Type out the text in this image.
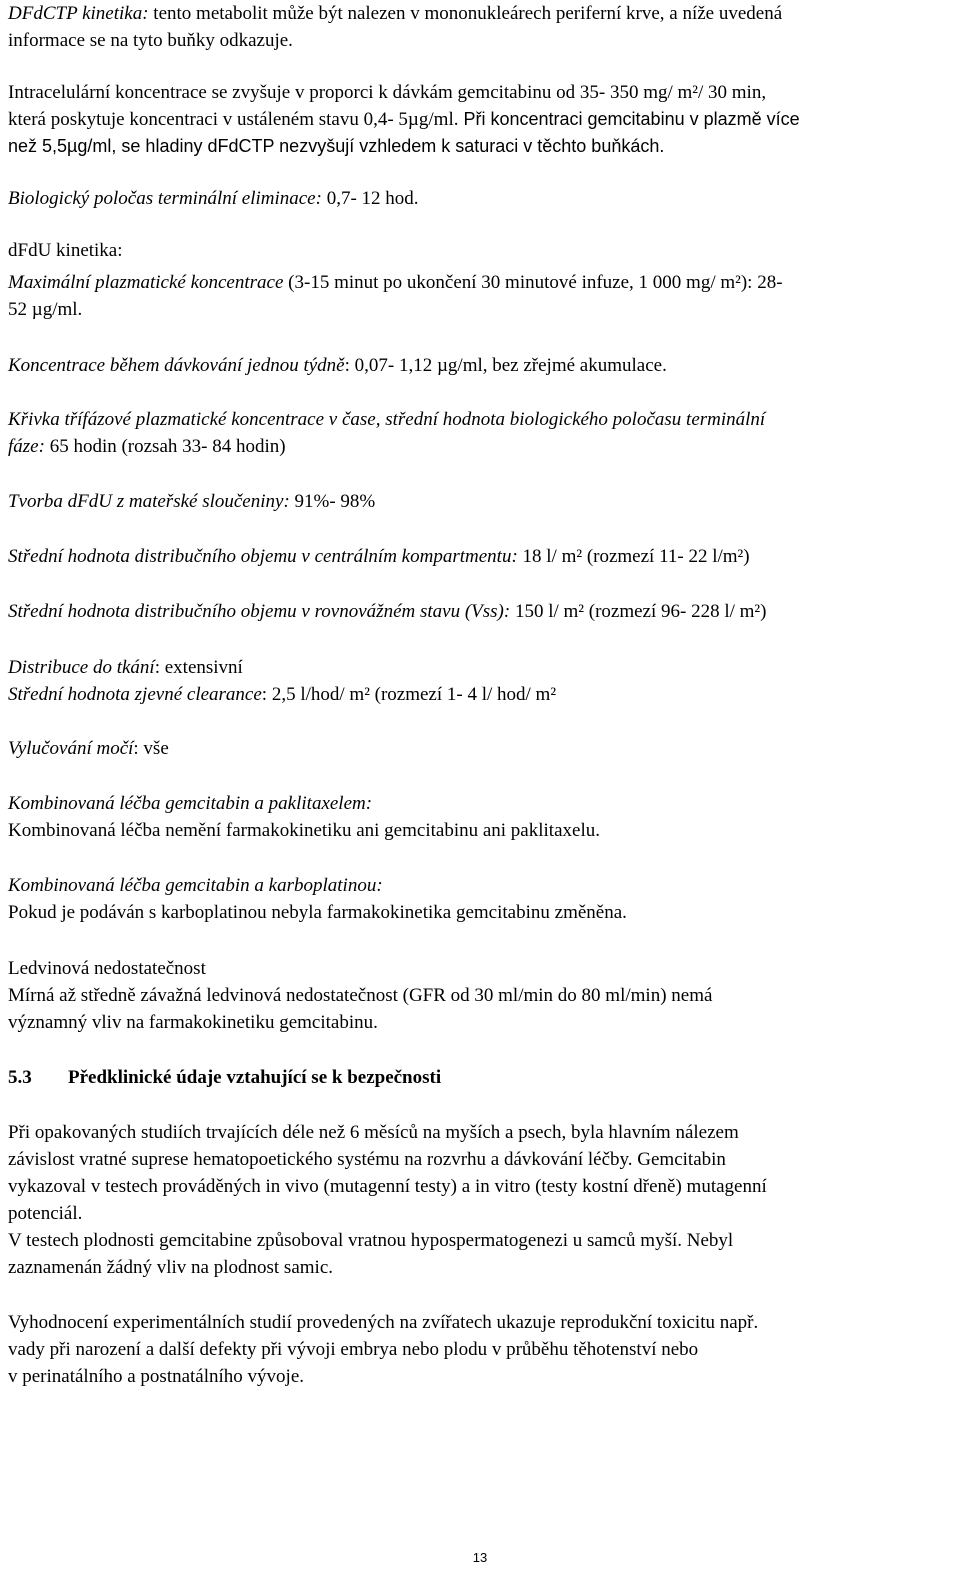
DFdCTP kinetika: tento metabolit může být nalezen v mononukleárech periferní krve, a níže uvedená

informace se na tyto buňky odkazuje.

Intracelulární koncentrace se zvyšuje v proporci k dávkám gemcitabinu od 35- 350 mg/ m²/ 30 min,

která poskytuje koncentraci v ustáleném stavu 0,4- 5µg/ml. Při koncentraci gemcitabinu v plazmě více

než 5,5µg/ml, se hladiny dFdCTP nezvyšují vzhledem k saturaci v těchto buňkách.

Biologický poločas terminální eliminace: 0,7- 12 hod.

dFdU kinetika:

Maximální plazmatické koncentrace (3-15 minut po ukončení 30 minutové infuze, 1 000 mg/ m²): 28-

52 µg/ml.

Koncentrace během dávkování jednou týdně: 0,07- 1,12 µg/ml, bez zřejmé akumulace.

Křivka třífázové plazmatické koncentrace v čase, střední hodnota biologického poločasu terminální

fáze: 65 hodin (rozsah 33- 84 hodin)

Tvorba dFdU z mateřské sloučeniny: 91%- 98%

Střední hodnota distribučního objemu v centrálním kompartmentu: 18 l/ m² (rozmezí 11- 22 l/m²)

Střední hodnota distribučního objemu v rovnovážném stavu (Vss): 150 l/ m² (rozmezí 96- 228 l/ m²)

Distribuce do tkání: extensivní

Střední hodnota zjevné clearance: 2,5 l/hod/ m² (rozmezí 1- 4 l/ hod/ m²

Vylučování močí: vše

Kombinovaná léčba gemcitabin a paklitaxelem:

Kombinovaná léčba nemění farmakokinetiku ani gemcitabinu ani paklitaxelu.

Kombinovaná léčba gemcitabin a karboplatinou:

Pokud je podáván s karboplatinou nebyla farmakokinetika gemcitabinu změněna.

Ledvinová nedostatečnost

Mírná až středně závažná ledvinová nedostatečnost (GFR od 30 ml/min do 80 ml/min) nemá

významný vliv na farmakokinetiku gemcitabinu.

5.3 Předklinické údaje vztahující se k bezpečnosti

Při opakovaných studiích trvajících déle než 6 měsíců na myších a psech, byla hlavním nálezem

závislost vratné suprese hematopoetického systému na rozvrhu a dávkování léčby. Gemcitabin

vykazoval v testech prováděných in vivo (mutagenní testy) a in vitro (testy kostní dřeně) mutagenní

potenciál.

V testech plodnosti gemcitabine způsoboval vratnou hypospermatogenezi u samců myší. Nebyl

zaznamenán žádný vliv na plodnost samic.

Vyhodnocení experimentálních studií provedených na zvířatech ukazuje reprodukční toxicitu např.

vady při narození a další defekty při vývoji embrya nebo plodu v průběhu těhotenství nebo

v perinatálního a postnatálního vývoje.

13
